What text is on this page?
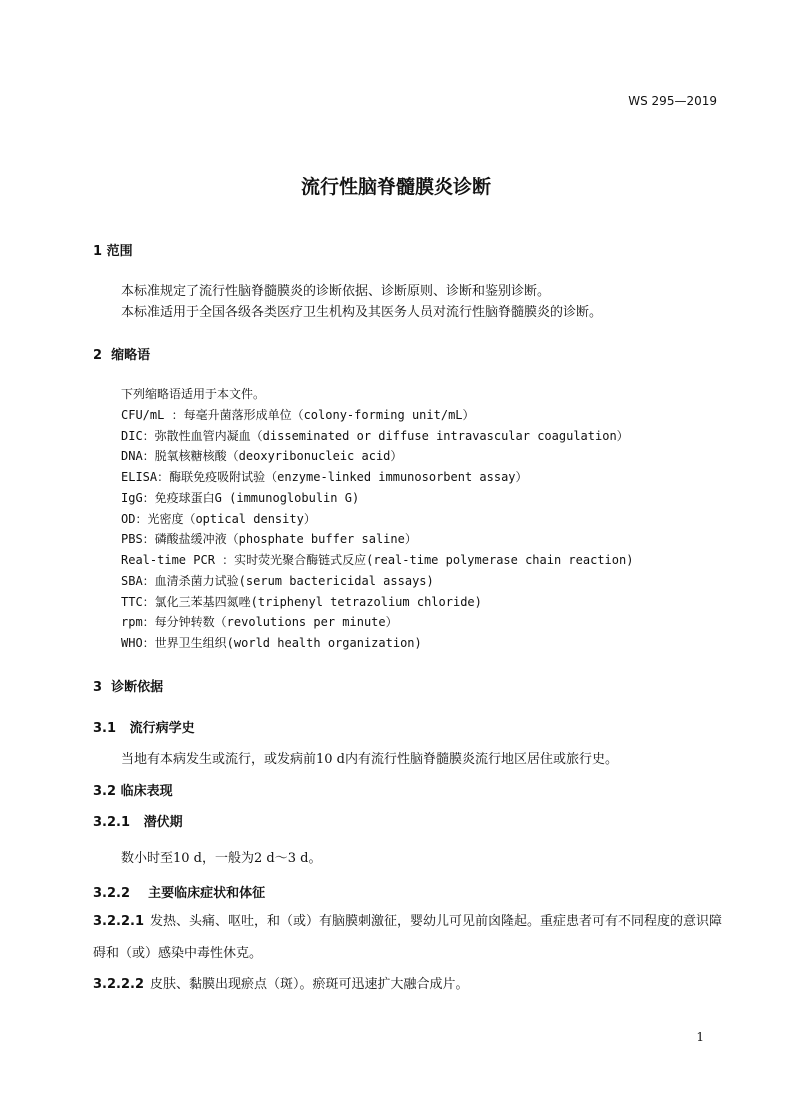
WS 295—2019
流行性脑脊髓膜炎诊断
1 范围
本标准规定了流行性脑脊髓膜炎的诊断依据、诊断原则、诊断和鉴别诊断。
本标准适用于全国各级各类医疗卫生机构及其医务人员对流行性脑脊髓膜炎的诊断。
2 缩略语
下列缩略语适用于本文件。
CFU/mL ：每毫升菌落形成单位（colony-forming unit/mL）
DIC：弥散性血管内凝血（disseminated or diffuse intravascular coagulation）
DNA：脱氧核糖核酸（deoxyribonucleic acid）
ELISA：酶联免疫吸附试验（enzyme-linked immunosorbent assay）
IgG：免疫球蛋白G (immunoglobulin G)
OD：光密度（optical density）
PBS：磷酸盐缓冲液（phosphate buffer saline）
Real-time PCR ：实时荧光聚合酶链式反应(real-time polymerase chain reaction)
SBA：血清杀菌力试验(serum bactericidal assays)
TTC：氯化三苯基四氮唑(triphenyl tetrazolium chloride)
rpm：每分钟转数（revolutions per minute）
WHO：世界卫生组织(world health organization)
3 诊断依据
3.1 流行病学史
当地有本病发生或流行，或发病前10 d内有流行性脑脊髓膜炎流行地区居住或旅行史。
3.2 临床表现
3.2.1 潜伏期
数小时至10 d，一般为2 d～3 d。
3.2.2 主要临床症状和体征
3.2.2.1 发热、头痛、呕吐，和（或）有脑膜刺激征，婴幼儿可见前囟隆起。重症患者可有不同程度的意识障碍和（或）感染中毒性休克。
3.2.2.2 皮肤、黏膜出现瘀点（斑）。瘀斑可迅速扩大融合成片。
1
